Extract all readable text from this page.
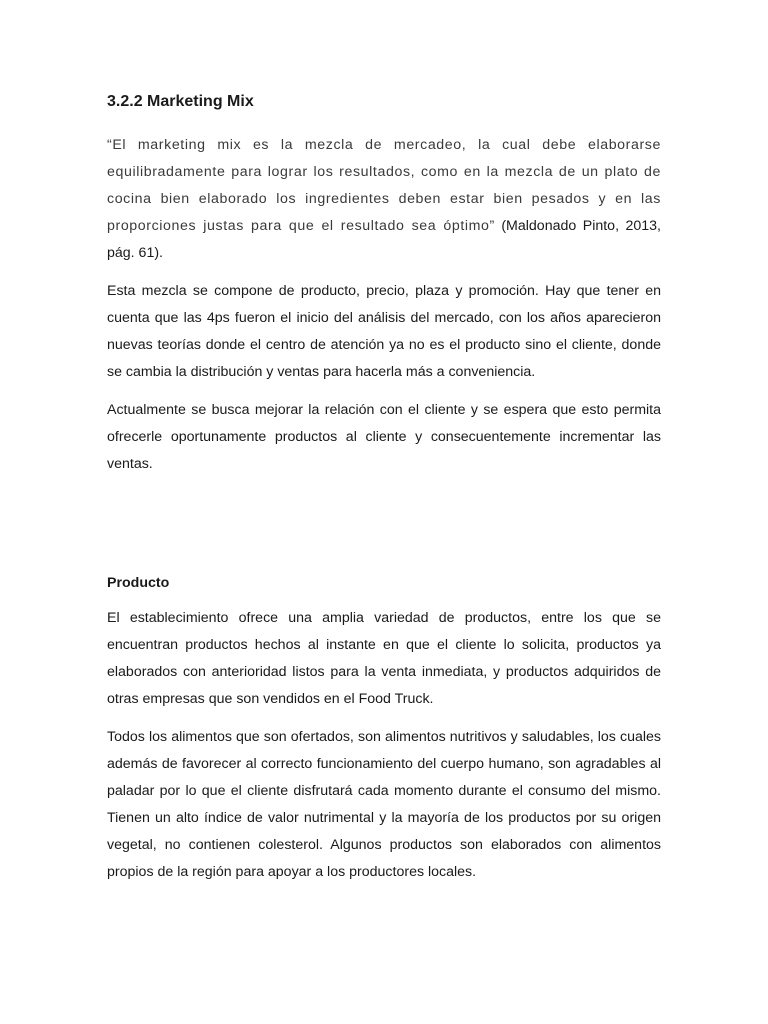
3.2.2 Marketing Mix

“El marketing mix es la mezcla de mercadeo, la cual debe elaborarse equilibradamente para lograr los resultados, como en la mezcla de un plato de cocina bien elaborado los ingredientes deben estar bien pesados y en las proporciones justas para que el resultado sea óptimo” (Maldonado Pinto, 2013, pág. 61).

Esta mezcla se compone de producto, precio, plaza y promoción. Hay que tener en cuenta que las 4ps fueron el inicio del análisis del mercado, con los años aparecieron nuevas teorías donde el centro de atención ya no es el producto sino el cliente, donde se cambia la distribución y ventas para hacerla más a conveniencia.

Actualmente se busca mejorar la relación con el cliente y se espera que esto permita ofrecerle oportunamente productos al cliente y consecuentemente incrementar las ventas.

Producto

El establecimiento ofrece una amplia variedad de productos, entre los que se encuentran productos hechos al instante en que el cliente lo solicita, productos ya elaborados con anterioridad listos para la venta inmediata, y productos adquiridos de otras empresas que son vendidos en el Food Truck.

Todos los alimentos que son ofertados, son alimentos nutritivos y saludables, los cuales además de favorecer al correcto funcionamiento del cuerpo humano, son agradables al paladar por lo que el cliente disfrutará cada momento durante el consumo del mismo. Tienen un alto índice de valor nutrimental y la mayoría de los productos por su origen vegetal, no contienen colesterol. Algunos productos son elaborados con alimentos propios de la región para apoyar a los productores locales.
